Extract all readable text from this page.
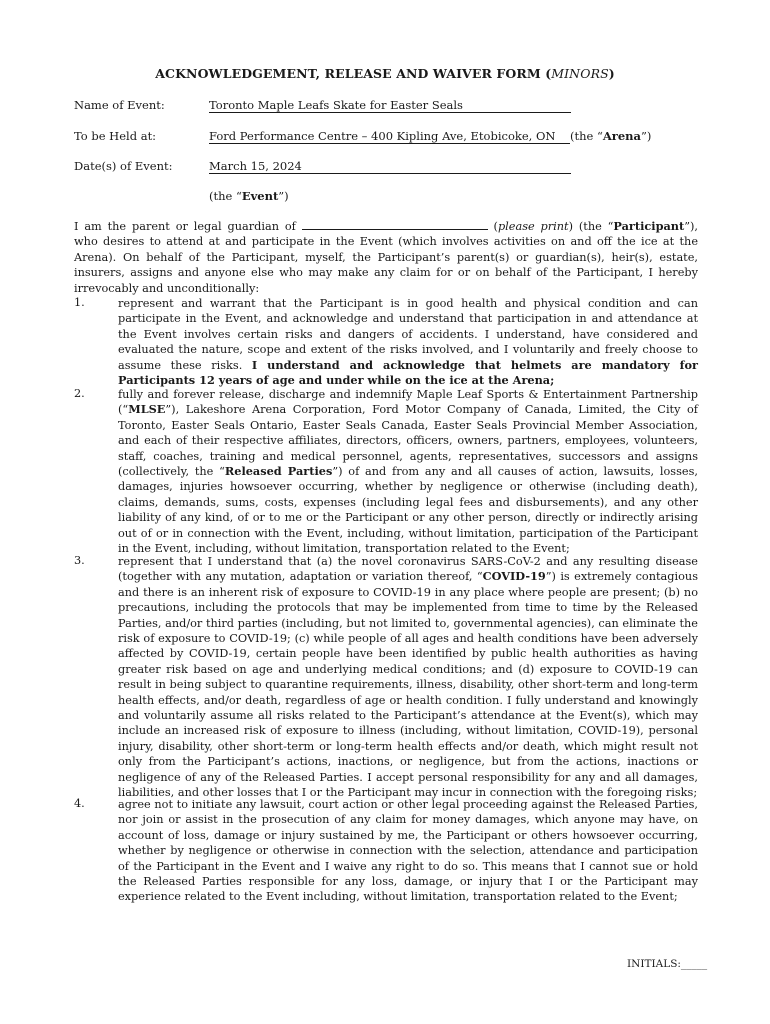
ACKNOWLEDGEMENT, RELEASE AND WAIVER FORM (MINORS)
Name of Event:	Toronto Maple Leafs Skate for Easter Seals
To be Held at:	Ford Performance Centre – 400 Kipling Ave, Etobicoke, ON (the “Arena”)
Date(s) of Event:	March 15, 2024
(the “Event”)
I am the parent or legal guardian of	(please print) (the “Participant”), who desires to attend at and participate in the Event (which involves activities on and off the ice at the Arena). On behalf of the Participant, myself, the Participant’s parent(s) or guardian(s), heir(s), estate, insurers, assigns and anyone else who may make any claim for or on behalf of the Participant, I hereby irrevocably and unconditionally:
1.	represent and warrant that the Participant is in good health and physical condition and can participate in the Event, and acknowledge and understand that participation in and attendance at the Event involves certain risks and dangers of accidents. I understand, have considered and evaluated the nature, scope and extent of the risks involved, and I voluntarily and freely choose to assume these risks. I understand and acknowledge that helmets are mandatory for Participants 12 years of age and under while on the ice at the Arena;
2.	fully and forever release, discharge and indemnify Maple Leaf Sports & Entertainment Partnership (“MLSE”), Lakeshore Arena Corporation, Ford Motor Company of Canada, Limited, the City of Toronto, Easter Seals Ontario, Easter Seals Canada, Easter Seals Provincial Member Association, and each of their respective affiliates, directors, officers, owners, partners, employees, volunteers, staff, coaches, training and medical personnel, agents, representatives, successors and assigns (collectively, the “Released Parties”) of and from any and all causes of action, lawsuits, losses, damages, injuries howsoever occurring, whether by negligence or otherwise (including death), claims, demands, sums, costs, expenses (including legal fees and disbursements), and any other liability of any kind, of or to me or the Participant or any other person, directly or indirectly arising out of or in connection with the Event, including, without limitation, participation of the Participant in the Event, including, without limitation, transportation related to the Event;
3.	represent that I understand that (a) the novel coronavirus SARS-CoV-2 and any resulting disease (together with any mutation, adaptation or variation thereof, “COVID-19”) is extremely contagious and there is an inherent risk of exposure to COVID-19 in any place where people are present; (b) no precautions, including the protocols that may be implemented from time to time by the Released Parties, and/or third parties (including, but not limited to, governmental agencies), can eliminate the risk of exposure to COVID-19; (c) while people of all ages and health conditions have been adversely affected by COVID-19, certain people have been identified by public health authorities as having greater risk based on age and underlying medical conditions; and (d) exposure to COVID-19 can result in being subject to quarantine requirements, illness, disability, other short-term and long-term health effects, and/or death, regardless of age or health condition. I fully understand and knowingly and voluntarily assume all risks related to the Participant’s attendance at the Event(s), which may include an increased risk of exposure to illness (including, without limitation, COVID-19), personal injury, disability, other short-term or long-term health effects and/or death, which might result not only from the Participant’s actions, inactions, or negligence, but from the actions, inactions or negligence of any of the Released Parties. I accept personal responsibility for any and all damages, liabilities, and other losses that I or the Participant may incur in connection with the foregoing risks;
4.	agree not to initiate any lawsuit, court action or other legal proceeding against the Released Parties, nor join or assist in the prosecution of any claim for money damages, which anyone may have, on account of loss, damage or injury sustained by me, the Participant or others howsoever occurring, whether by negligence or otherwise in connection with the selection, attendance and participation of the Participant in the Event and I waive any right to do so. This means that I cannot sue or hold the Released Parties responsible for any loss, damage, or injury that I or the Participant may experience related to the Event including, without limitation, transportation related to the Event;
INITIALS:_____
